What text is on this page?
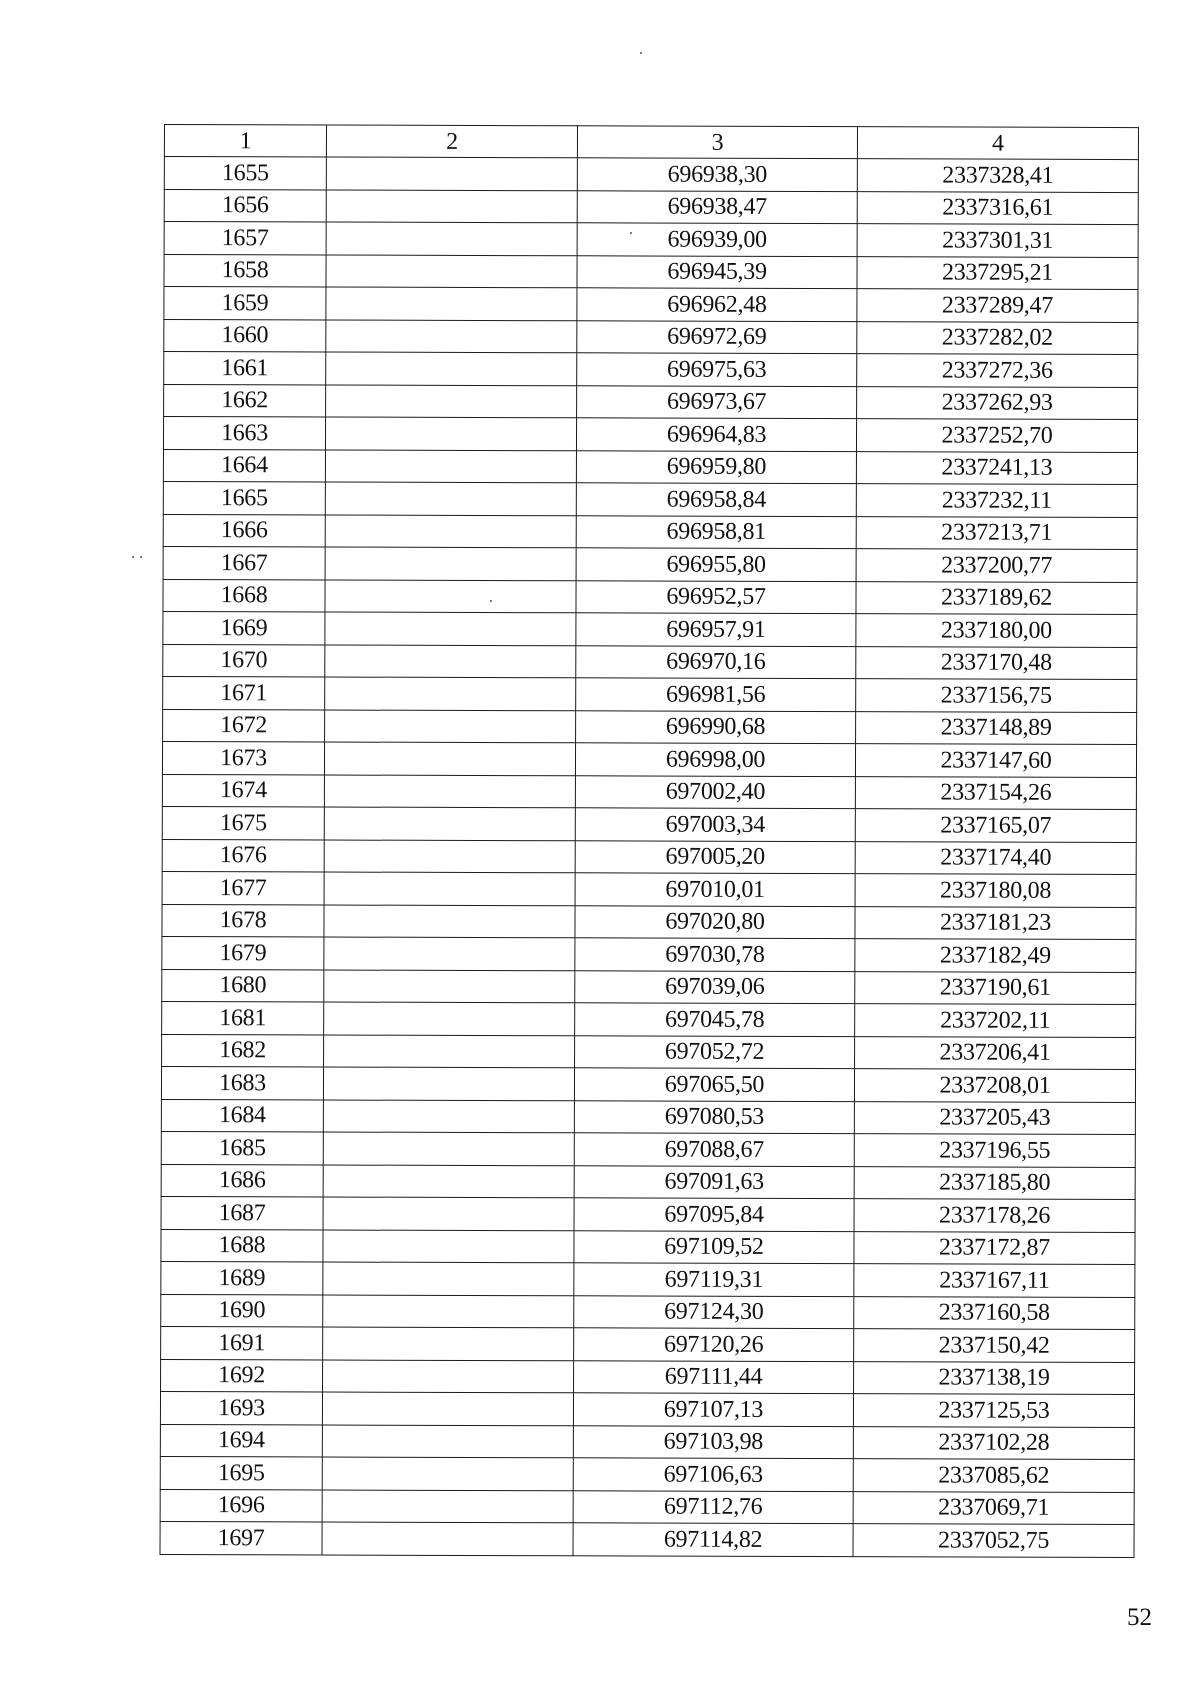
1	2	3	4
1655		696938,30	2337328,41
1656		696938,47	2337316,61
1657		696939,00	2337301,31
1658		696945,39	2337295,21
1659		696962,48	2337289,47
1660		696972,69	2337282,02
1661		696975,63	2337272,36
1662		696973,67	2337262,93
1663		696964,83	2337252,70
1664		696959,80	2337241,13
1665		696958,84	2337232,11
1666		696958,81	2337213,71
1667		696955,80	2337200,77
1668		696952,57	2337189,62
1669		696957,91	2337180,00
1670		696970,16	2337170,48
1671		696981,56	2337156,75
1672		696990,68	2337148,89
1673		696998,00	2337147,60
1674		697002,40	2337154,26
1675		697003,34	2337165,07
1676		697005,20	2337174,40
1677		697010,01	2337180,08
1678		697020,80	2337181,23
1679		697030,78	2337182,49
1680		697039,06	2337190,61
1681		697045,78	2337202,11
1682		697052,72	2337206,41
1683		697065,50	2337208,01
1684		697080,53	2337205,43
1685		697088,67	2337196,55
1686		697091,63	2337185,80
1687		697095,84	2337178,26
1688		697109,52	2337172,87
1689		697119,31	2337167,11
1690		697124,30	2337160,58
1691		697120,26	2337150,42
1692		697111,44	2337138,19
1693		697107,13	2337125,53
1694		697103,98	2337102,28
1695		697106,63	2337085,62
1696		697112,76	2337069,71
1697		697114,82	2337052,75
52
